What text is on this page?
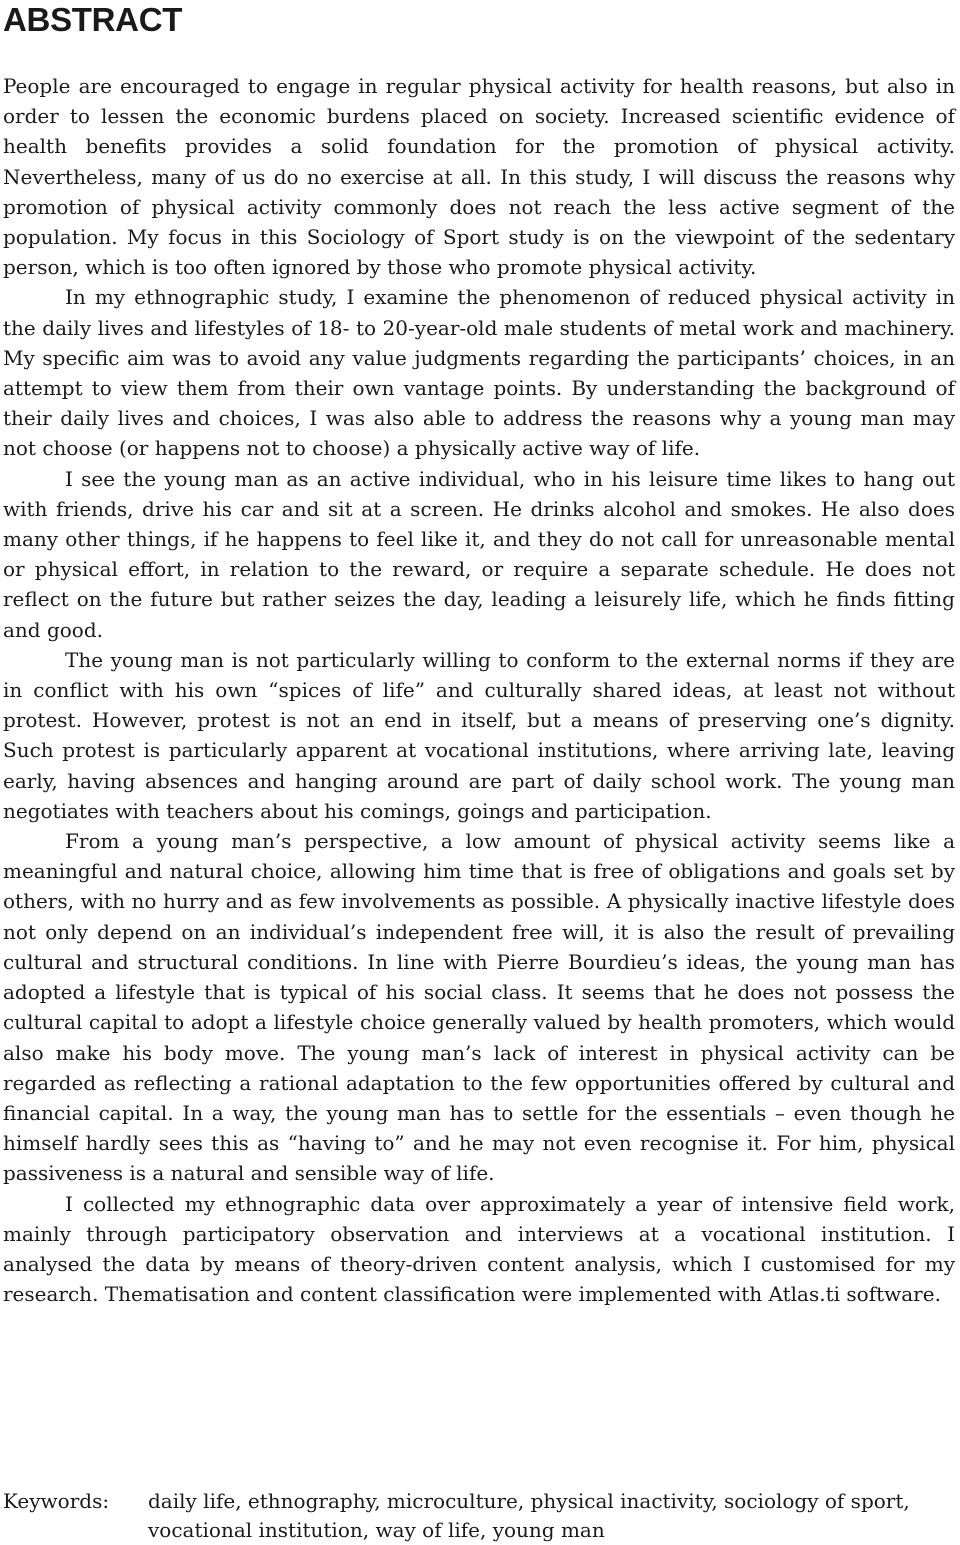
ABSTRACT

People are encouraged to engage in regular physical activity for health reasons, but also in order to lessen the economic burdens placed on society. Increased scientific evidence of health benefits provides a solid foundation for the promotion of physical activity. Nevertheless, many of us do no exercise at all. In this study, I will discuss the reasons why promotion of physical activity commonly does not reach the less active segment of the population. My focus in this Sociology of Sport study is on the viewpoint of the sedentary person, which is too often ignored by those who promote physical activity.

In my ethnographic study, I examine the phenomenon of reduced physical activity in the daily lives and lifestyles of 18- to 20-year-old male students of metal work and machinery. My specific aim was to avoid any value judgments regarding the participants’ choices, in an attempt to view them from their own vantage points. By understanding the background of their daily lives and choices, I was also able to address the reasons why a young man may not choose (or happens not to choose) a physically active way of life.

I see the young man as an active individual, who in his leisure time likes to hang out with friends, drive his car and sit at a screen. He drinks alcohol and smokes. He also does many other things, if he happens to feel like it, and they do not call for unreasonable mental or physical effort, in relation to the reward, or require a separate schedule. He does not reflect on the future but rather seizes the day, leading a leisurely life, which he finds fitting and good.

The young man is not particularly willing to conform to the external norms if they are in conflict with his own “spices of life” and culturally shared ideas, at least not without protest. However, protest is not an end in itself, but a means of preserving one’s dignity. Such protest is particularly apparent at vocational institutions, where arriving late, leaving early, having absences and hanging around are part of daily school work. The young man negotiates with teachers about his comings, goings and participation.

From a young man’s perspective, a low amount of physical activity seems like a meaningful and natural choice, allowing him time that is free of obligations and goals set by others, with no hurry and as few involvements as possible. A physically inactive lifestyle does not only depend on an individual’s independent free will, it is also the result of prevailing cultural and structural conditions. In line with Pierre Bourdieu’s ideas, the young man has adopted a lifestyle that is typical of his social class. It seems that he does not possess the cultural capital to adopt a lifestyle choice generally valued by health promoters, which would also make his body move. The young man’s lack of interest in physical activity can be regarded as reflecting a rational adaptation to the few opportunities offered by cultural and financial capital. In a way, the young man has to settle for the essentials – even though he himself hardly sees this as “having to” and he may not even recognise it. For him, physical passiveness is a natural and sensible way of life.

I collected my ethnographic data over approximately a year of intensive field work, mainly through participatory observation and interviews at a vocational institution. I analysed the data by means of theory-driven content analysis, which I customised for my research. Thematisation and content classification were implemented with Atlas.ti software.

Keywords:	daily life, ethnography, microculture, physical inactivity, sociology of sport, vocational institution, way of life, young man
